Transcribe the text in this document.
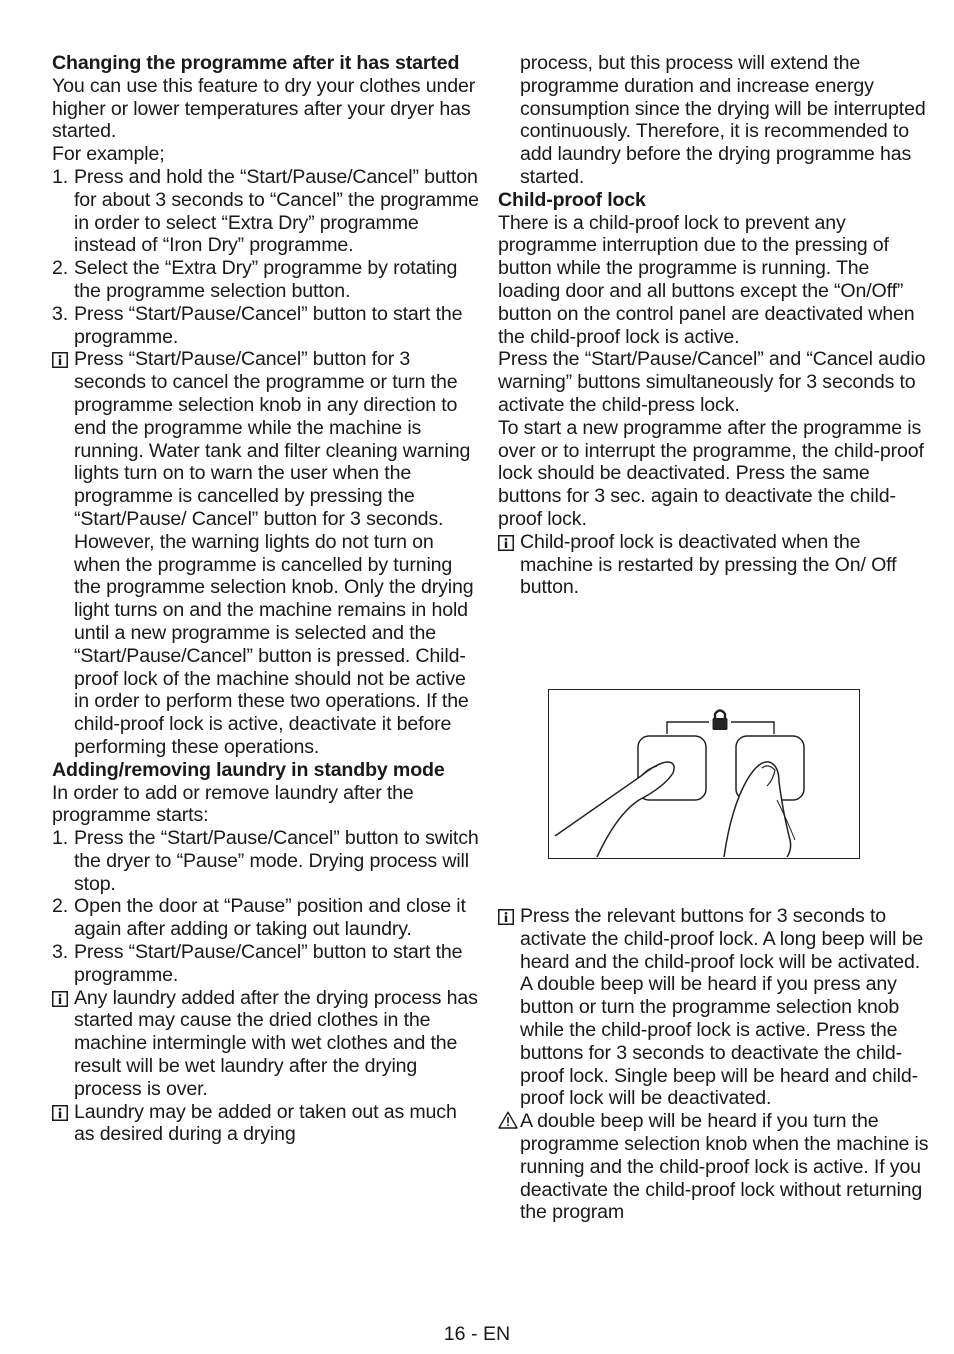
Changing the programme after it has started
You can use this feature to dry your clothes under higher or lower temperatures after your dryer has started.
For example;
1. Press and hold the “Start/Pause/Cancel” button for about 3 seconds to “Cancel” the programme in order to select “Extra Dry” programme instead of “Iron Dry” programme.
2. Select the “Extra Dry” programme by rotating the programme selection button.
3. Press “Start/Pause/Cancel” button to start the programme.
Press “Start/Pause/Cancel” button for 3 seconds to cancel the programme or turn the programme selection knob in any direction to end the programme while the machine is running. Water tank and filter cleaning warning lights turn on to warn the user when the programme is cancelled by pressing the “Start/Pause/ Cancel” button for 3 seconds. However, the warning lights do not turn on when the programme is cancelled by turning the programme selection knob. Only the drying light turns on and the machine remains in hold until a new programme is selected and the “Start/Pause/Cancel” button is pressed. Child-proof lock of the machine should not be active in order to perform these two operations. If the child-proof lock is active, deactivate it before performing these operations.
Adding/removing laundry in standby mode
In order to add or remove laundry after the programme starts:
1. Press the “Start/Pause/Cancel” button to switch the dryer to “Pause” mode. Drying process will stop.
2. Open the door at “Pause” position and close it again after adding or taking out laundry.
3. Press “Start/Pause/Cancel” button to start the programme.
Any laundry added after the drying process has started may cause the dried clothes in the machine intermingle with wet clothes and the result will be wet laundry after the drying process is over.
Laundry may be added or taken out as much as desired during a drying
process, but this process will extend the programme duration and increase energy consumption since the drying will be interrupted continuously. Therefore, it is recommended to add laundry before the drying programme has started.
Child-proof lock
There is a child-proof lock to prevent any programme interruption due to the pressing of button while the programme is running. The loading door and all buttons except the “On/Off” button on the control panel are deactivated when the child-proof lock is active.
Press the “Start/Pause/Cancel” and “Cancel audio warning” buttons simultaneously for 3 seconds to activate the child-press lock.
To start a new programme after the programme is over or to interrupt the programme, the child-proof lock should be deactivated. Press the same buttons for 3 sec. again to deactivate the child-proof lock.
Child-proof lock is deactivated when the machine is restarted by pressing the On/ Off button.
Press the relevant buttons for 3 seconds to activate the child-proof lock. A long beep will be heard and the child-proof lock will be activated. A double beep will be heard if you press any button or turn the programme selection knob while the child-proof lock is active. Press the buttons for 3 seconds to deactivate the child-proof lock. Single beep will be heard and child-proof lock will be deactivated.
A double beep will be heard if you turn the programme selection knob when the machine is running and the child-proof lock is active. If you deactivate the child-proof lock without returning the program
16 - EN
